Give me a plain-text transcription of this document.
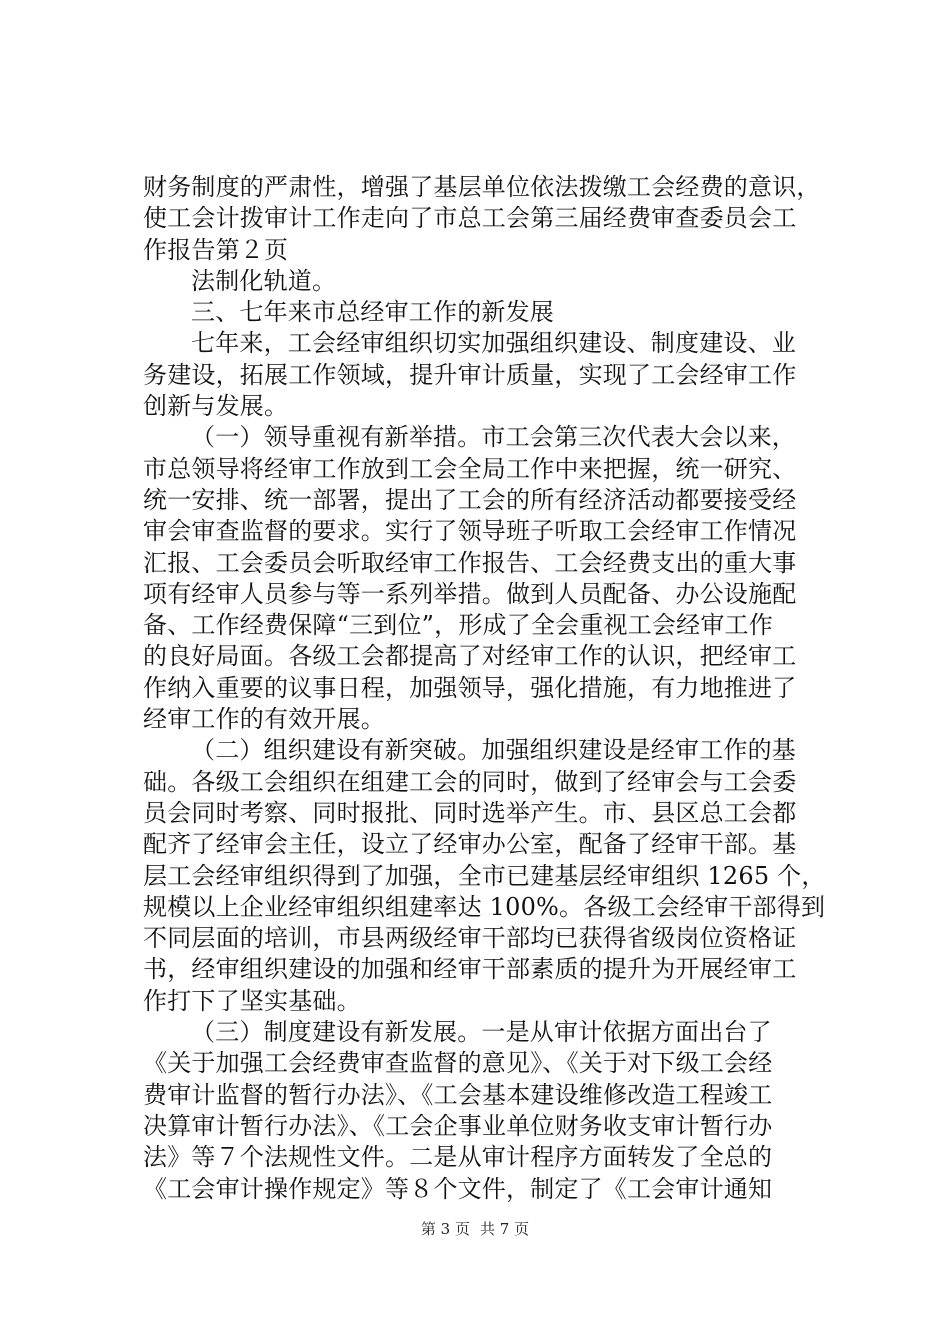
财务制度的严肃性，增强了基层单位依法拨缴工会经费的意识，
使工会计拨审计工作走向了市总工会第三届经费审查委员会工
作报告第２页
法制化轨道。
三、七年来市总经审工作的新发展
七年来，工会经审组织切实加强组织建设、制度建设、业
务建设，拓展工作领域，提升审计质量，实现了工会经审工作
创新与发展。
（一）领导重视有新举措。市工会第三次代表大会以来，
市总领导将经审工作放到工会全局工作中来把握，统一研究、
统一安排、统一部署，提出了工会的所有经济活动都要接受经
审会审查监督的要求。实行了领导班子听取工会经审工作情况
汇报、工会委员会听取经审工作报告、工会经费支出的重大事
项有经审人员参与等一系列举措。做到人员配备、办公设施配
备、工作经费保障“三到位”，形成了全会重视工会经审工作
的良好局面。各级工会都提高了对经审工作的认识，把经审工
作纳入重要的议事日程，加强领导，强化措施，有力地推进了
经审工作的有效开展。
（二）组织建设有新突破。加强组织建设是经审工作的基
础。各级工会组织在组建工会的同时，做到了经审会与工会委
员会同时考察、同时报批、同时选举产生。市、县区总工会都
配齐了经审会主任，设立了经审办公室，配备了经审干部。基
层工会经审组织得到了加强，全市已建基层经审组织 1265 个，
规模以上企业经审组织组建率达 100%。各级工会经审干部得到
不同层面的培训，市县两级经审干部均已获得省级岗位资格证
书，经审组织建设的加强和经审干部素质的提升为开展经审工
作打下了坚实基础。
（三）制度建设有新发展。一是从审计依据方面出台了
《关于加强工会经费审查监督的意见》、《关于对下级工会经
费审计监督的暂行办法》、《工会基本建设维修改造工程竣工
决算审计暂行办法》、《工会企事业单位财务收支审计暂行办
法》等７个法规性文件。二是从审计程序方面转发了全总的
《工会审计操作规定》等８个文件，制定了《工会审计通知
第 3 页 共 7 页
